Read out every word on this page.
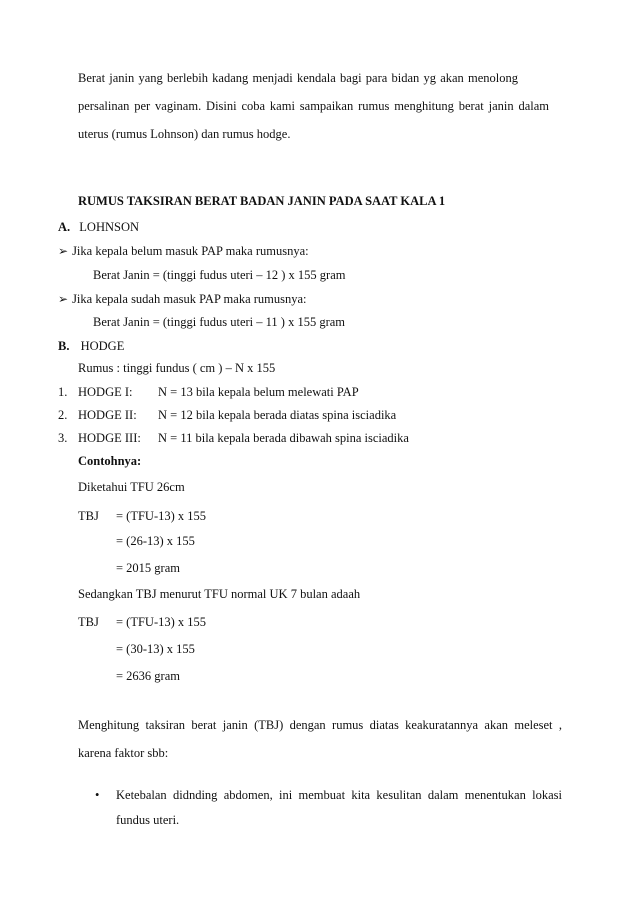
Berat janin yang berlebih kadang menjadi kendala bagi para bidan yg akan menolong
persalinan per vaginam. Disini coba kami sampaikan rumus menghitung berat janin dalam
uterus (rumus Lohnson) dan rumus hodge.
RUMUS TAKSIRAN BERAT BADAN JANIN PADA SAAT KALA 1
A. LOHNSON
➢ Jika kepala belum masuk PAP maka rumusnya:
Berat Janin = (tinggi fudus uteri – 12 ) x 155 gram
➢ Jika kepala sudah masuk PAP maka rumusnya:
Berat Janin = (tinggi fudus uteri – 11 ) x 155 gram
B. HODGE
Rumus : tinggi fundus ( cm ) – N x 155
1. HODGE I: N = 13 bila kepala belum melewati PAP
2. HODGE II: N = 12 bila kepala berada diatas spina isciadika
3. HODGE III: N = 11 bila kepala berada dibawah spina isciadika
Contohnya:
Diketahui TFU 26cm
TBJ = (TFU-13) x 155
= (26-13) x 155
= 2015 gram
Sedangkan TBJ menurut TFU normal UK 7 bulan adaah
TBJ = (TFU-13) x 155
= (30-13) x 155
= 2636 gram
Menghitung taksiran berat janin (TBJ) dengan rumus diatas keakuratannya akan meleset ,
karena faktor sbb:
• Ketebalan didnding abdomen, ini membuat kita kesulitan dalam menentukan lokasi
fundus uteri.
